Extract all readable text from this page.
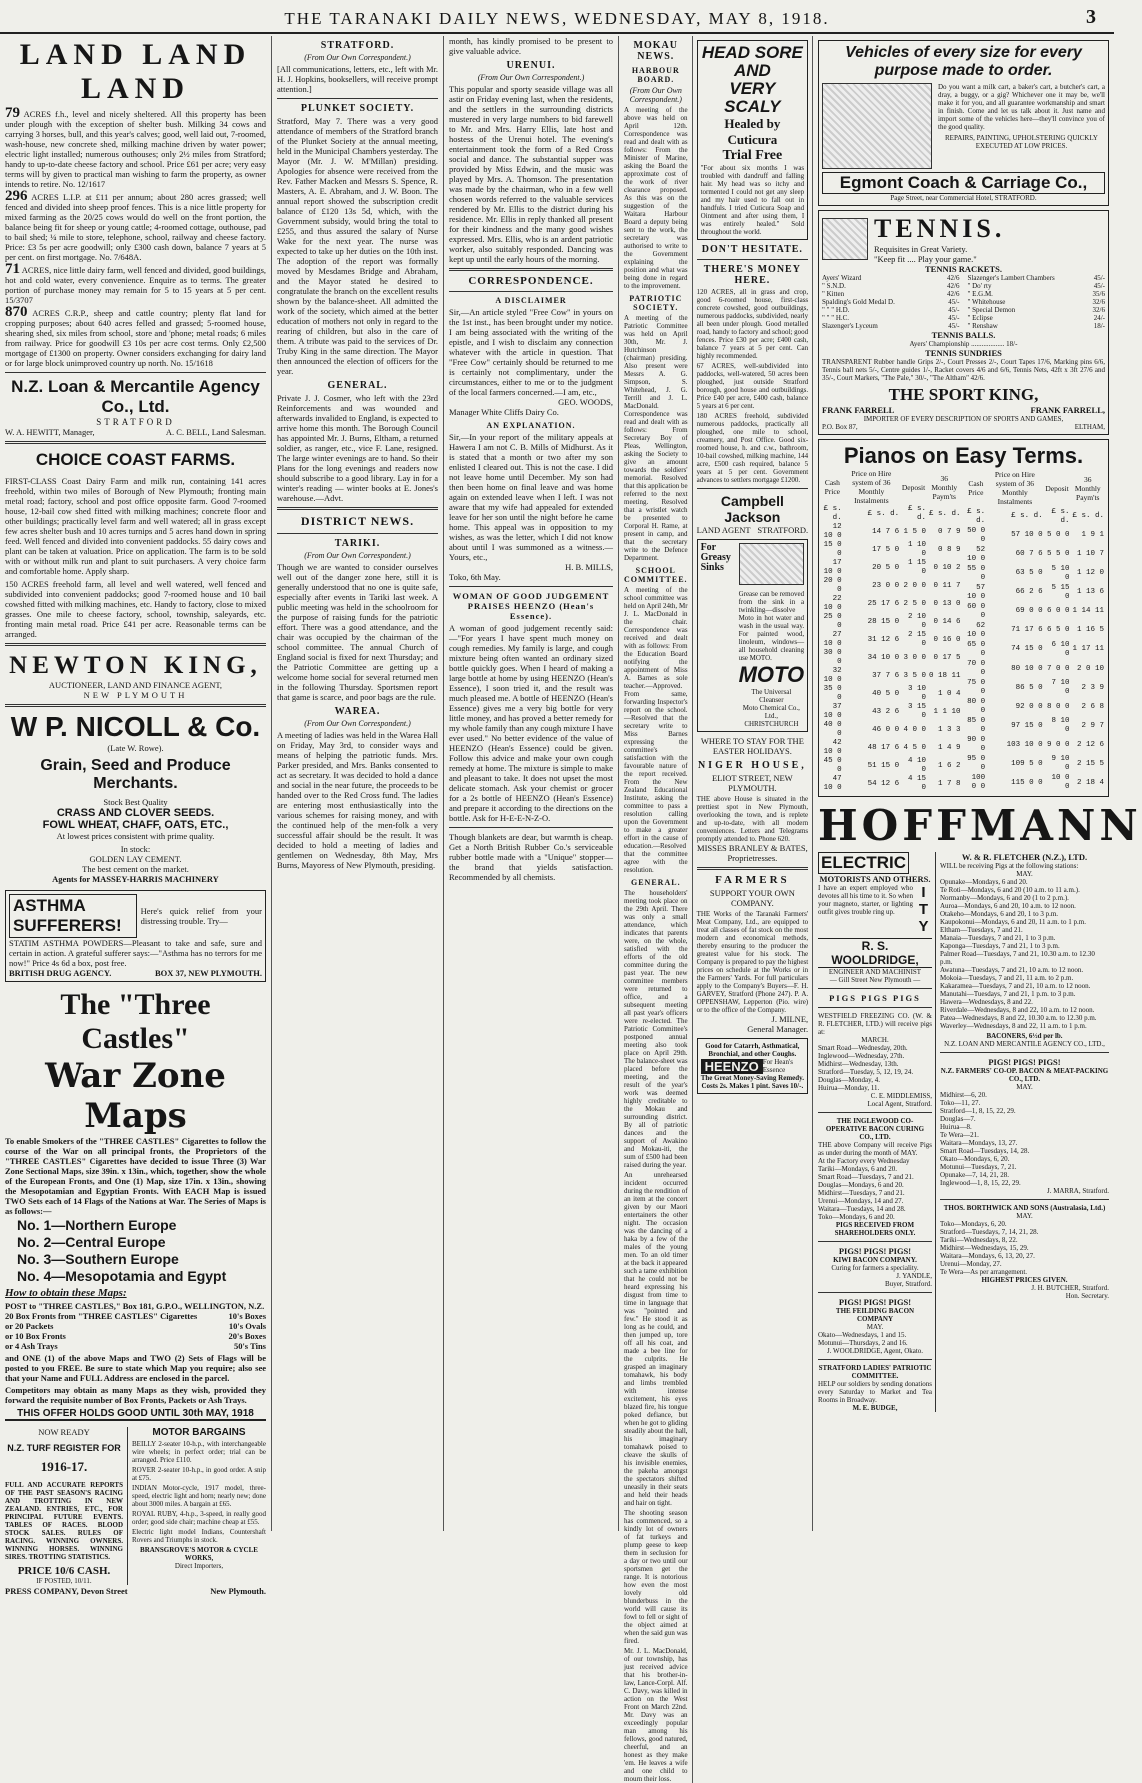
THE TARANAKI DAILY NEWS, WEDNESDAY, MAY 8, 1918.	3
LAND LAND LAND

79 ACRES f.h., level and nicely sheltered. All this property has been under plough with the exception of shelter bush. Milking 34 cows and carrying 3 horses, bull, and this year's calves; good, well laid out, 7-roomed, wash-house, new concrete shed, milking machine driven by water power; electric light installed; numerous outhouses; only 2½ miles from Stratford; handy to up-to-date cheese factory and school. Price £61 per acre; very easy terms will by given to practical man wishing to farm the property, as owner intends to retire. No. 12/1617

296 ACRES L.I.P. at £11 per annum; about 280 acres grassed; well fenced and divided into sheep proof fences. This is a nice little property for mixed farming as the 20/25 cows would do well on the front portion, the balance being fit for sheep or young cattle; 4-roomed cottage, outhouse, pad to bail shed; ¼ mile to store, telephone, school, railway and cheese factory. Price: £3 5s per acre goodwill; only £300 cash down, balance 7 years at 5 per cent. on first mortgage. No. 7/648A.

71 ACRES, nice little dairy farm, well fenced and divided, good buildings, hot and cold water, every convenience. Enquire as to terms. The greater portion of purchase money may remain for 5 to 15 years at 5 per cent. 15/3707

870 ACRES C.R.P., sheep and cattle country; plenty flat land for cropping purposes; about 640 acres felled and grassed; 5-roomed house, shearing shed, six miles from school, store and 'phone; metal roads; 6 miles from railway. Price for goodwill £3 10s per acre cost terms. Only £2,500 mortgage of £1300 on property. Owner considers exchanging for dairy land or for large block unimproved country up north. No. 15/1618

N.Z. Loan & Mercantile Agency Co., Ltd.
STRATFORD
W. A. HEWITT, Manager,	A. C. BELL, Land Salesman.
CHOICE COAST FARMS.

FIRST-CLASS Coast Dairy Farm and milk run, containing 141 acres freehold, within two miles of Borough of New Plymouth; fronting main metal road; factory, school and post office opposite farm. Good 7-roomed house, 12-bail cow shed fitted with milking machines; concrete floor and other buildings; practically level farm and well watered; all in grass except few acres shelter bush and 10 acres turnips and 5 acres hand down in spring feed. Well fenced and divided into convenient paddocks. 55 dairy cows and plant can be taken at valuation. Price on application. The farm is to be sold with or without milk run and plant to suit purchasers. A very choice farm and comfortable home. Apply sharp.

150 ACRES freehold farm, all level and well watered, well fenced and subdivided into convenient paddocks; good 7-roomed house and 10 bail cowshed fitted with milking machines, etc. Handy to factory, close to mixed grasses. One mile to cheese factory, school, township, saleyards, etc. fronting main metal road. Price £41 per acre. Reasonable terms can be arranged.

NEWTON KING,
AUCTIONEER, LAND AND FINANCE AGENT,
NEW PLYMOUTH
W P. NICOLL & Co.
(Late W. Rowe).
Grain, Seed and Produce Merchants.
Stock Best Quality
CRASS AND CLOVER SEEDS.
FOWL WHEAT, CHAFF, OATS, ETC.,
At lowest prices consistent with prime quality.
In stock:
GOLDEN LAY CEMENT.
The best cement on the market.
Agents for MASSEY-HARRIS MACHINERY
ASTHMA SUFFERERS!
Here's quick relief from your distressing trouble. Try—

STATIM ASTHMA POWDERS—Pleasant to take and safe, sure and certain in action. A grateful sufferer says:—"Asthma has no terrors for me now!" Price 4s 6d a box, post free.

BRITISH DRUG AGENCY.	BOX 37, NEW PLYMOUTH.
The "Three Castles"
War Zone Maps

To enable Smokers of the "THREE CASTLES" Cigarettes to follow the course of the War on all principal fronts, the Proprietors of the "THREE CASTLES" Cigarettes have decided to issue Three (3) War Zone Sectional Maps, size 39in. x 13in., which, together, show the whole of the European Fronts, and One (1) Map, size 17in. x 13in., showing the Mesopotamian and Egyptian Fronts. With EACH Map is issued TWO Sets each of 14 Flags of the Nations at War. The Series of Maps is as follows:—

No. 1—Northern Europe
No. 2—Central Europe
No. 3—Southern Europe
No. 4—Mesopotamia and Egypt
How to obtain these Maps:
POST to "THREE CASTLES," Box 181, G.P.O., WELLINGTON, N.Z.
20 Box Fronts from "THREE CASTLES" Cigarettes	10's Boxes
or 20 Packets	10's Ovals
or 10 Box Fronts	20's Boxes
or 4 Ash Trays	50's Tins

and ONE (1) of the above Maps and TWO (2) Sets of Flags will be posted to you FREE. Be sure to state which Map you require; also see that your Name and FULL Address are enclosed in the parcel.

Competitors may obtain as many Maps as they wish, provided they forward the requisite number of Box Fronts, Packets or Ash Trays.

THIS OFFER HOLDS GOOD UNTIL 30th MAY, 1918
NOW READY
N.Z. TURF REGISTER FOR
1916-17.

FULL AND ACCURATE REPORTS OF THE PAST SEASON'S RACING AND TROTTING IN NEW ZEALAND. ENTRIES, ETC., FOR PRINCIPAL FUTURE EVENTS. TABLES OF RACES. BLOOD STOCK SALES. RULES OF RACING. WINNING OWNERS. WINNING HORSES. WINNING SIRES. TROTTING STATISTICS.

PRICE 10/6 CASH.
IF POSTED, 10/11.
MOTOR BARGAINS

BEILLY 2-seater 10-h.p., with interchangeable wire wheels; in perfect order; trial can be arranged. Price £110.

ROVER 2-seater 10-h.p., in good order. A snip at £75.

INDIAN Motor-cycle, 1917 model, three-speed, electric light and horn; nearly new; done about 3000 miles. A bargain at £65.

ROYAL RUBY, 4-h.p., 3-speed, in really good order; good side chair; machine cheap at £55.

Electric light model Indians, Countershaft Rovers and Triumphs in stock.

BRANSGROVE'S MOTOR & CYCLE WORKS,
Direct Importers,
PRESS COMPANY, Devon Street	New Plymouth.
STRATFORD.
(From Our Own Correspondent.)

[All communications, letters, etc., left with Mr. H. J. Hopkins, booksellers, will receive prompt attention.]

PLUNKET SOCIETY.

Stratford, May 7. There was a very good attendance of members of the Stratford branch of the Plunket Society at the annual meeting, held in the Municipal Chambers yesterday. The Mayor (Mr. J. W. M'Millan) presiding. Apologies for absence were received from the Rev. Father Macken and Messrs S. Spence, R. Masters, A. E. Abraham, and J. W. Boon. The annual report showed the subscription credit balance of £120 13s 5d, which, with the Government subsidy, would bring the total to £255, and thus assured the salary of Nurse Wake for the next year. The nurse was expected to take up her duties on the 10th inst. The adoption of the report was formally moved by Mesdames Bridge and Abraham, and the Mayor stated he desired to congratulate the branch on the excellent results shown by the balance-sheet. All admitted the work of the society, which aimed at the better education of mothers not only in regard to the rearing of children, but also in the care of them. A tribute was paid to the services of Dr. Truby King in the same direction. The Mayor then announced the election of officers for the year.

GENERAL.

Private J. J. Cosmer, who left with the 23rd Reinforcements and was wounded and afterwards invalided to England, is expected to arrive home this month. The Borough Council has appointed Mr. J. Burns, Eltham, a returned soldier, as ranger, etc., vice F. Lane, resigned. The large winter evenings are to hand. So their Plans for the long evenings and readers now should subscribe to a good library. Lay in for a winter's reading — winter books at E. Jones's warehouse.—Advt.

DISTRICT NEWS.
TARIKI.
(From Our Own Correspondent.)

Though we are wanted to consider ourselves well out of the danger zone here, still it is generally understood that no one is quite safe, especially after events in Tariki last week. A public meeting was held in the schoolroom for the purpose of raising funds for the patriotic effort. There was a good attendance, and the chair was occupied by the chairman of the school committee. The annual Church of England social is fixed for next Thursday; and the Patriotic Committee are getting up a welcome home social for several returned men in the following Thursday. Sportsmen report that game is scarce, and poor bags are the rule.

WAREA.
(From Our Own Correspondent.)

A meeting of ladies was held in the Warea Hall on Friday, May 3rd, to consider ways and means of helping the patriotic funds. Mrs. Parker presided, and Mrs. Banks consented to act as secretary. It was decided to hold a dance and social in the near future, the proceeds to be handed over to the Red Cross fund. The ladies are entering most enthusiastically into the various schemes for raising money, and with the continued help of the men-folk a very successful affair should be the result. It was decided to hold a meeting of ladies and gentlemen on Wednesday, 8th May, Mrs Burns, Mayoress of New Plymouth, presiding.

month, has kindly promised to be present to give valuable advice.

URENUI.
(From Our Own Correspondent.)

This popular and sporty seaside village was all astir on Friday evening last, when the residents, and the settlers in the surrounding districts mustered in very large numbers to bid farewell to Mr. and Mrs. Harry Ellis, late host and hostess of the Urenui hotel. The evening's entertainment took the form of a Red Cross social and dance. The substantial supper was provided by Miss Edwin, and the music was played by Mrs. A. Thomson. The presentation was made by the chairman, who in a few well chosen words referred to the valuable services rendered by Mr. Ellis to the district during his residence. Mr. Ellis in reply thanked all present for their kindness and the many good wishes expressed. Mrs. Ellis, who is an ardent patriotic worker, also suitably responded. Dancing was kept up until the early hours of the morning.

CORRESPONDENCE.
A DISCLAIMER

Sir,—An article styled "Free Cow" in yours on the 1st inst., has been brought under my notice. I am being associated with the writing of the epistle, and I wish to disclaim any connection whatever with the article in question. That "Free Cow" certainly should be returned to me is certainly not complimentary, under the circumstances, either to me or to the judgment of the local farmers concerned.—I am, etc.,

GEO. WOODS,
Manager White Cliffs Dairy Co.
AN EXPLANATION.

Sir,—In your report of the military appeals at Hawera I am not C. B. Mills of Midhurst. As it is stated that a month or two after my son enlisted I cleared out. This is not the case. I did not leave home until December. My son had then been home on final leave and was home again on extended leave when I left. I was not aware that my wife had appealed for extended leave for her son until the night before he came home. This appeal was in opposition to my wishes, as was the letter, which I did not know about until I was summoned as a witness.—Yours, etc.,

H. B. MILLS,
Toko, 6th May.
WOMAN OF GOOD JUDGEMENT PRAISES HEENZO (Hean's Essence).

A woman of good judgement recently said:—"For years I have spent much money on cough remedies. My family is large, and cough mixture being often wanted an ordinary sized bottle quickly goes. When I heard of making a large bottle at home by using HEENZO (Hean's Essence), I soon tried it, and the result was much pleased me. A bottle of HEENZO (Hean's Essence) gives me a very big bottle for very little money, and has proved a better remedy for my whole family than any cough mixture I have ever used." No better evidence of the value of HEENZO (Hean's Essence) could be given. Follow this advice and make your own cough remedy at home. The mixture is simple to make and pleasant to take. It does not upset the most delicate stomach. Ask your chemist or grocer for a 2s bottle of HEENZO (Hean's Essence) and prepare it according to the directions on the bottle. Ask for H-E-E-N-Z-O.

Though blankets are dear, but warmth is cheap. Get a North British Rubber Co.'s serviceable rubber bottle made with a "Unique" stopper—the brand that yields satisfaction. Recommended by all chemists.

MOKAU NEWS.
HARBOUR BOARD.
(From Our Own Correspondent.)

A meeting of the above was held on April 12th. Correspondence was read and dealt with as follows: From the Minister of Marine, asking the Board the approximate cost of the work of river clearance proposed. As this was on the suggestion of the Waitara Harbour Board a deputy being sent to the work, the secretary was authorised to write to the Government explaining the position and what was being done in regard to the improvement.

PATRIOTIC SOCIETY.

A meeting of the Patriotic Committee was held on April 30th, Mr. J. Hutchinson (chairman) presiding. Also present were Messrs A. G. Simpson, S. Whitehead, J. G. Terrill and J. L. MacDonald. Correspondence was read and dealt with as follows: From Secretary Boy of Pleas, Wellington, asking the Society to give an amount towards the soldiers' memorial. Resolved that this application be referred to the next meeting. Resolved that a wristlet watch be presented to Corporal H. Rame, at present in camp, and that the secretary write to the Defence Department.

SCHOOL COMMITTEE.

A meeting of the school committee was held on April 24th, Mr J. L. MacDonald in the chair. Correspondence was received and dealt with as follows: From the Education Board notifying the appointment of Miss A. Barnes as sole teacher.—Approved. From same, forwarding Inspector's report on the school.—Resolved that the secretary write to Miss Barnes expressing the committee's satisfaction with the favourable nature of the report received. From the New Zealand Educational Institute, asking the committee to pass a resolution calling upon the Government to make a greater effort in the cause of education.—Resolved that the committee agree with the resolution.

GENERAL.

The householders' meeting took place on the 29th April. There was only a small attendance, which indicates that parents were, on the whole, satisfied with the efforts of the old committee during the past year. The new committee members were returned to office, and a subsequent meeting all past year's officers were re-elected. The Patriotic Committee's postponed annual meeting also took place on April 29th. The balance-sheet was placed before the meeting, and the result of the year's work was deemed highly creditable to the Mokau and surrounding district. By all of patriotic dances and the support of Awakino and Mokau-iti, the sum of £500 had been raised during the year.

An unrehearsed incident occurred during the rendition of an item at the concert given by our Maori entertainers the other night. The occasion was the dancing of a haka by a few of the males of the young men. To an old timer at the back it appeared such a tame exhibition that he could not be heard expressing his disgust from time to time in language that was "pointed and few." He stood it as long as he could, and then jumped up, tore off all his coat, and made a bee line for the culprits. He grasped an imaginary tomahawk, his body and limbs trembled with intense excitement, his eyes blazed fire, his tongue poked defiance, but when he got to gliding steadily about the hall, his imaginary tomahawk poised to cleave the skulls of his invisible enemies, the pakeha amongst the spectators shifted uneasily in their seats and held their heads and hair on tight.

The shooting season has commenced, so a kindly lot of owners of fat turkeys and plump geese to keep them in seclusion for a day or two until our sportsmen get the range. It is notorious how even the most lovely old blunderbuss in the world will cause its fowl to fell or sight of the object aimed at when the said gun was fired.

Mr. J. L. MacDonald, of our township, has just received advice that his brother-in-law, Lance-Corpl. Alf. C. Davy, was killed in action on the West Front on March 22nd. Mr. Davy was an exceedingly popular man among his fellows, good natured, cheerful, and an honest as they make 'em. He leaves a wife and one child to mourn their loss.

HEAD SORE AND
VERY SCALY
Healed by Cuticura
Trial Free

"For about six months I was troubled with dandruff and falling hair. My head was so itchy and tormented I could not get any sleep and my hair used to fall out in handfuls. I tried Cuticura Soap and Ointment and after using them, I was entirely healed." Sold throughout the world.

DON'T HESITATE.
THERE'S MONEY HERE.

120 ACRES, all in grass and crop, good 6-roomed house, first-class concrete cowshed, good outbuildings, numerous paddocks, subdivided, nearly all been under plough. Good metalled road, handy to factory and school; good fences. Price £30 per acre; £400 cash, balance 7 years at 5 per cent. Can highly recommended.

67 ACRES, well-subdivided into paddocks, well-watered, 50 acres been ploughed, just outside Stratford borough, good house and outbuildings. Price £40 per acre, £400 cash, balance 5 years at 6 per cent.

180 ACRES freehold, subdivided numerous paddocks, practically all ploughed, one mile to school, creamery, and Post Office. Good six-roomed house, h. and c.w., bathroom, 10-bail cowshed, milking machine, 144 acre, £500 cash required, balance 5 years at 5 per cent. Government advances to settlers mortgage £1200.

Campbell Jackson
LAND AGENT STRATFORD.
For Greasy Sinks

Grease can be removed from the sink in a twinkling—dissolve Moto in hot water and wash in the usual way. For painted wood, linoleum, windows—all household cleaning use MOTO.

MOTO
The Universal Cleanser
Moto Chemical Co., Ltd., CHRISTCHURCH
WHERE TO STAY FOR THE EASTER HOLIDAYS.
NIGER HOUSE,
ELIOT STREET, NEW PLYMOUTH.

THE above House is situated in the prettiest spot in New Plymouth, overlooking the town, and is replete and up-to-date, with all modern conveniences. Letters and Telegrams promptly attended to. Phone 620.

MISSES BRANLEY & BATES,
Proprietresses.
FARMERS
SUPPORT YOUR OWN COMPANY.

THE Works of the Taranaki Farmers' Meat Company, Ltd., are equipped to treat all classes of fat stock on the most modern and economical methods, thereby ensuring to the producer the greatest value for his stock. The Company is prepared to pay the highest prices on schedule at the Works or in the Farmers' Yards. For full particulars apply to the Company's Buyers—F. H. GARVEY, Stratford (Phone 247). P. A. OPPENSHAW, Lepperton (Pio. wire) or to the office of the Company.

J. MILNE,
General Manager.
Good for Catarrh, Asthmatical, Bronchial, and other Coughs.
HEENZO For Hean's Essence
The Great Money-Saving Remedy. Costs 2s. Makes 1 pint. Saves 10/-.
Vehicles of every size for every
purpose made to order.

Do you want a milk cart, a baker's cart, a butcher's cart, a dray, a buggy, or a gig? Whichever one it may be, we'll make it for you, and all guarantee workmanship and smart in finish. Come and let us talk about it. Just name and import some of the vehicles here—they'll convince you of the good quality.

REPAIRS, PAINTING, UPHOLSTERING QUICKLY EXECUTED AT LOW PRICES.

Egmont Coach & Carriage Co.,
Page Street, near Commercial Hotel, STRATFORD.
TENNIS.
Requisites in Great Variety.
"Keep fit .... Play your game."
TENNIS RACKETS.
Ayers' Wizard	42/6
" S.N.D.	42/6
" Kitten	42/6
Spalding's Gold Medal D.	45/-
" " " H.D.	45/-
" " " H.C.	45/-
Slazenger's Lyceum	45/-
Slazenger's Lambert Chambers	45/-
" Do' rty	45/-
" E.G.M.	35/6
" Whitehouse	32/6
" Special Demon	32/6
" Eclipse	24/-
" Renshaw	18/-
TENNIS BALLS.
Ayers' Championship ................... 18/-
TENNIS SUNDRIES

TRANSPARENT Rubber handle Grips 2/-, Court Presses 2/-, Court Tapes 17/6, Marking pins 6/6, Tennis ball nets 5/-, Centre guides 1/-, Racket covers 4/6 and 6/6, Tennis Nets, 42ft x 3ft 27/6 and 35/-, Court Markers, "The Pale," 30/-, "The Altham" 42/6.

THE SPORT KING,
FRANK FARRELL	FRANK FARRELL,
IMPORTER OF EVERY DESCRIPTION OF SPORTS AND GAMES,
P.O. Box 87,	ELTHAM,
Pianos on Easy Terms.
Cash Price	Price on Hire system of 36 Monthly Instalments	Deposit	36 Monthly Paym'ts
£ s. d.	£ s. d.	£ s. d.	£ s. d.
12 10 0	14 7 6	1 5 0	0 7 9
15 0 0	17 5 0	1 10 0	0 8 9
17 10 0	20 5 0	1 15 0	0 10 2
20 0 0	23 0 0	2 0 0	0 11 7
22 10 0	25 17 6	2 5 0	0 13 0
25 0 0	28 15 0	2 10 0	0 14 6
27 10 0	31 12 6	2 15 0	0 16 0
30 0 0	34 10 0	3 0 0	0 17 5
32 10 0	37 7 6	3 5 0	0 18 11
35 0 0	40 5 0	3 10 0	1 0 4
37 10 0	43 2 6	3 15 0	1 1 10
40 0 0	46 0 0	4 0 0	1 3 3
42 10 0	48 17 6	4 5 0	1 4 9
45 0 0	51 15 0	4 10 0	1 6 2
47 10 0	54 12 6	4 15 0	1 7 8
Cash Price	Price on Hire system of 36 Monthly Instalments	Deposit	36 Monthly Paym'ts
£ s. d.	£ s. d.	£ s. d.	£ s. d.
50 0 0	57 10 0	5 0 0	1 9 1
52 10 0	60 7 6	5 5 0	1 10 7
55 0 0	63 5 0	5 10 0	1 12 0
57 10 0	66 2 6	5 15 0	1 13 6
60 0 0	69 0 0	6 0 0	1 14 11
62 10 0	71 17 6	6 5 0	1 16 5
65 0 0	74 15 0	6 10 0	1 17 11
70 0 0	80 10 0	7 0 0	2 0 10
75 0 0	86 5 0	7 10 0	2 3 9
80 0 0	92 0 0	8 0 0	2 6 8
85 0 0	97 15 0	8 10 0	2 9 7
90 0 0	103 10 0	9 0 0	2 12 6
95 0 0	109 5 0	9 10 0	2 15 5
100 0 0	115 0 0	10 0 0	2 18 4
HOFFMANN
ELECTRIC
MOTORISTS AND OTHERS.

I have an expert employed who devotes all his time to it. So when your magneto, starter, or lighting outfit gives trouble ring up.	ITY
R. S. WOOLDRIDGE,
ENGINEER AND MACHINIST
— Gill Street New Plymouth —
PIGS PIGS PIGS

WESTFIELD FREEZING CO. (W. & R. FLETCHER, LTD.) will receive pigs at:

MARCH.
Smart Road—Wednesday, 20th.
Inglewood—Wednesday, 27th.
Midhirst—Wednesday, 13th.
Stratford—Tuesday, 5, 12, 19, 24.
Douglas—Monday, 4.
Huirua—Monday, 11.
C. E. MIDDLEMISS,
Local Agent, Stratford.
THE INGLEWOOD CO-OPERATIVE BACON CURING CO., LTD.

THE above Company will receive Pigs as under during the month of MAY.

At the Factory every Wednesday
Tariki—Mondays, 6 and 20.
Smart Road—Tuesdays, 7 and 21.
Douglas—Mondays, 6 and 20.
Midhirst—Tuesdays, 7 and 21.
Urenui—Mondays, 14 and 27.
Waitara—Tuesdays, 14 and 28.
Toko—Mondays, 6 and 20.
PIGS RECEIVED FROM SHAREHOLDERS ONLY.
PIGS! PIGS! PIGS!
KIWI BACON COMPANY.
Curing for farmers a speciality.
J. YANDLE,
Buyer, Stratford.
PIGS! PIGS! PIGS!
THE FEILDING BACON COMPANY
MAY.
Okato—Wednesdays, 1 and 15.
Motunui—Thursdays, 2 and 16.
J. WOOLDRIDGE, Agent, Okato.
STRATFORD LADIES' PATRIOTIC COMMITTEE.

HELP our soldiers by sending donations every Saturday to Market and Tea Rooms in Broadway.

M. E. BUDGE,
W. & R. FLETCHER (N.Z.), LTD.

WILL be receiving Pigs at the following stations:

MAY.
Opunake—Mondays, 6 and 20.
Te Roti—Mondays, 6 and 20 (10 a.m. to 11 a.m.).
Normanby—Mondays, 6 and 20 (1 to 2 p.m.).
Auroa—Mondays, 6 and 20, 10 a.m. to 12 noon.
Otakeho—Mondays, 6 and 20, 1 to 3 p.m.
Kaupokonui—Mondays, 6 and 20, 11 a.m. to 1 p.m.
Eltham—Tuesdays, 7 and 21.
Manaia—Tuesdays, 7 and 21, 1 to 3 p.m.
Kaponga—Tuesdays, 7 and 21, 1 to 3 p.m.
Palmer Road—Tuesdays, 7 and 21, 10.30 a.m. to 12.30 p.m.
Awatuna—Tuesdays, 7 and 21, 10 a.m. to 12 noon.
Mokoia—Tuesdays, 7 and 21, 11 a.m. to 2 p.m.
Kakaramea—Tuesdays, 7 and 21, 10 a.m. to 12 noon.
Manutahi—Tuesdays, 7 and 21, 1 p.m. to 3 p.m.
Hawera—Wednesdays, 8 and 22.
Riverdale—Wednesdays, 8 and 22, 10 a.m. to 12 noon.
Patea—Wednesdays, 8 and 22, 10.30 a.m. to 12.30 p.m.
Waverley—Wednesdays, 8 and 22, 11 a.m. to 1 p.m.
BACONERS, 6½d per lb.
N.Z. LOAN AND MERCANTILE AGENCY CO., LTD.,
PIGS! PIGS! PIGS!
N.Z. FARMERS' CO-OP. BACON & MEAT-PACKING CO., LTD.
MAY.
Midhirst—6, 20.
Toko—11, 27.
Stratford—1, 8, 15, 22, 29.
Douglas—7.
Huirua—8.
Te Wera—21.
Waitara—Mondays, 13, 27.
Smart Road—Tuesdays, 14, 28.
Okato—Mondays, 6, 20.
Motunui—Tuesdays, 7, 21.
Opunake—7, 14, 21, 28.
Inglewood—1, 8, 15, 22, 29.
J. MARRA, Stratford.
THOS. BORTHWICK AND SONS (Australasia, Ltd.)
MAY.
Toko—Mondays, 6, 20.
Stratford—Tuesdays, 7, 14, 21, 28.
Tariki—Wednesdays, 8, 22.
Midhirst—Wednesdays, 15, 29.
Waitara—Mondays, 6, 13, 20, 27.
Urenui—Monday, 27.
Te Wera—As per arrangement.
HIGHEST PRICES GIVEN.
J. H. BUTCHER, Stratford.
Hon. Secretary.
